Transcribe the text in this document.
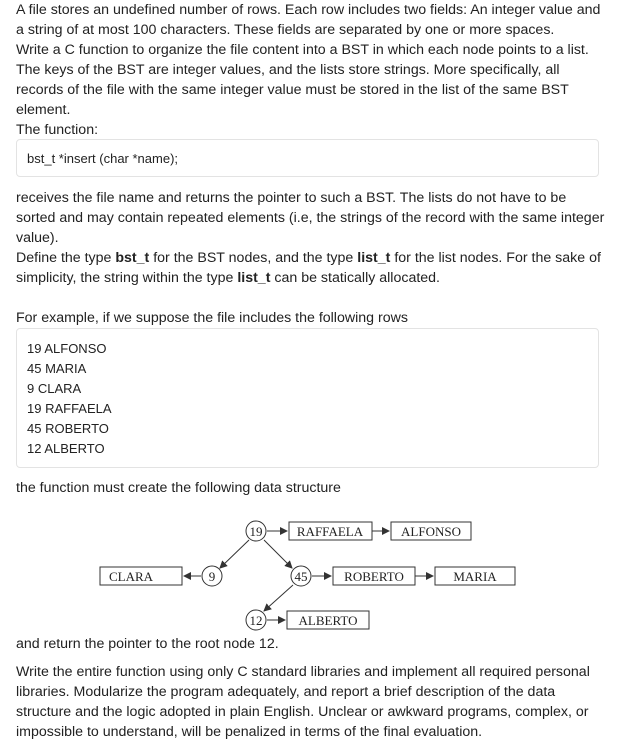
A file stores an undefined number of rows. Each row includes two fields: An integer value and
a string of at most 100 characters. These fields are separated by one or more spaces.
Write a C function to organize the file content into a BST in which each node points to a list.
The keys of the BST are integer values, and the lists store strings. More specifically, all
records of the file with the same integer value must be stored in the list of the same BST
element.
The function:
bst_t *insert (char *name);
receives the file name and returns the pointer to such a BST. The lists do not have to be
sorted and may contain repeated elements (i.e, the strings of the record with the same integer
value).
Define the type bst_t for the BST nodes, and the type list_t for the list nodes. For the sake of
simplicity, the string within the type list_t can be statically allocated.
For example, if we suppose the file includes the following rows
19 ALFONSO
45 MARIA
9 CLARA
19 RAFFAELA
45 ROBERTO
12 ALBERTO
the function must create the following data structure
19
9	45
12
RAFFAELA	ALFONSO
CLARA	ROBERTO	MARIA
ALBERTO
and return the pointer to the root node 12.
Write the entire function using only C standard libraries and implement all required personal
libraries. Modularize the program adequately, and report a brief description of the data
structure and the logic adopted in plain English. Unclear or awkward programs, complex, or
impossible to understand, will be penalized in terms of the final evaluation.
